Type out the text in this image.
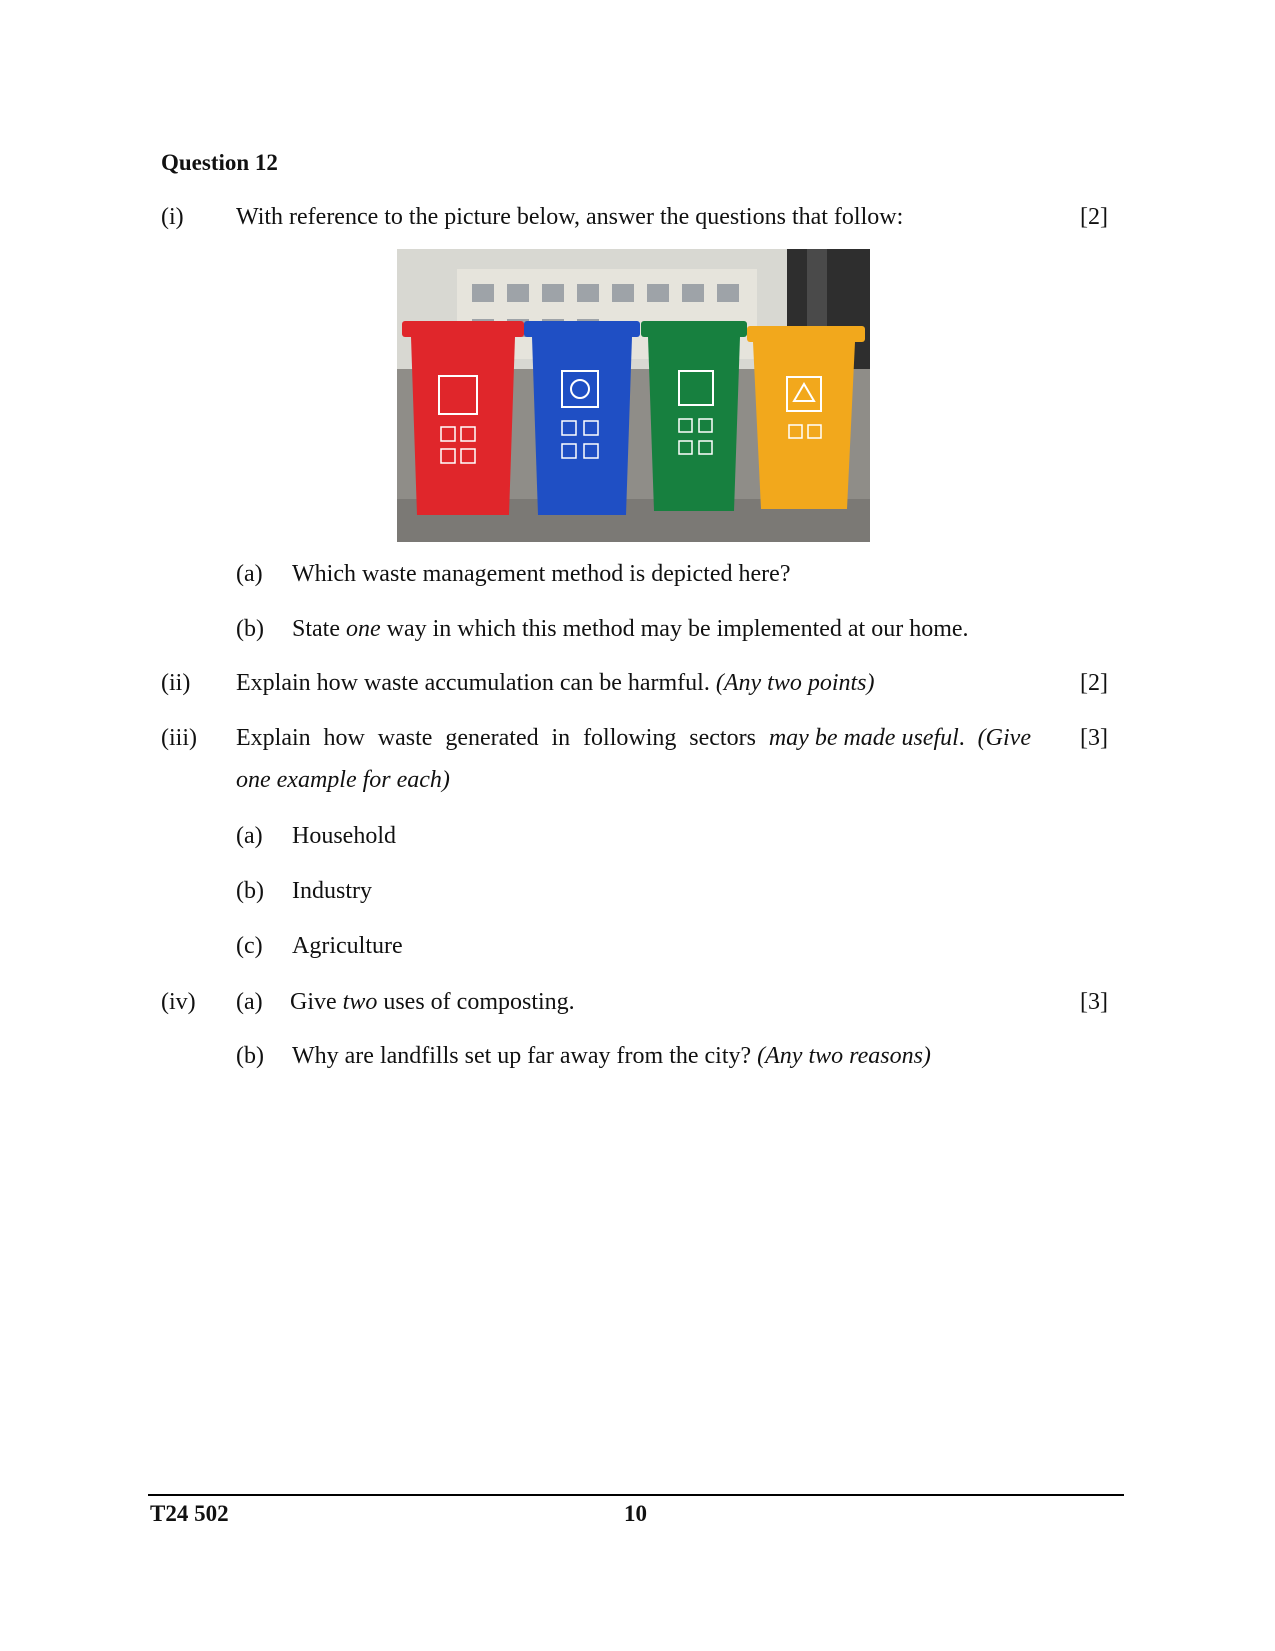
Question 12
(i) With reference to the picture below, answer the questions that follow:	[2]
(a) Which waste management method is depicted here?
(b) State one way in which this method may be implemented at our home.
(ii) Explain how waste accumulation can be harmful. (Any two points)	[2]
(iii) Explain how waste generated in following sectors may be made useful. (Give
one example for each)
[3]
(a) Household
(b) Industry
(c) Agriculture
(iv) (a) Give two uses of composting.	[3]
(b) Why are landfills set up far away from the city? (Any two reasons)
T24 502	10
